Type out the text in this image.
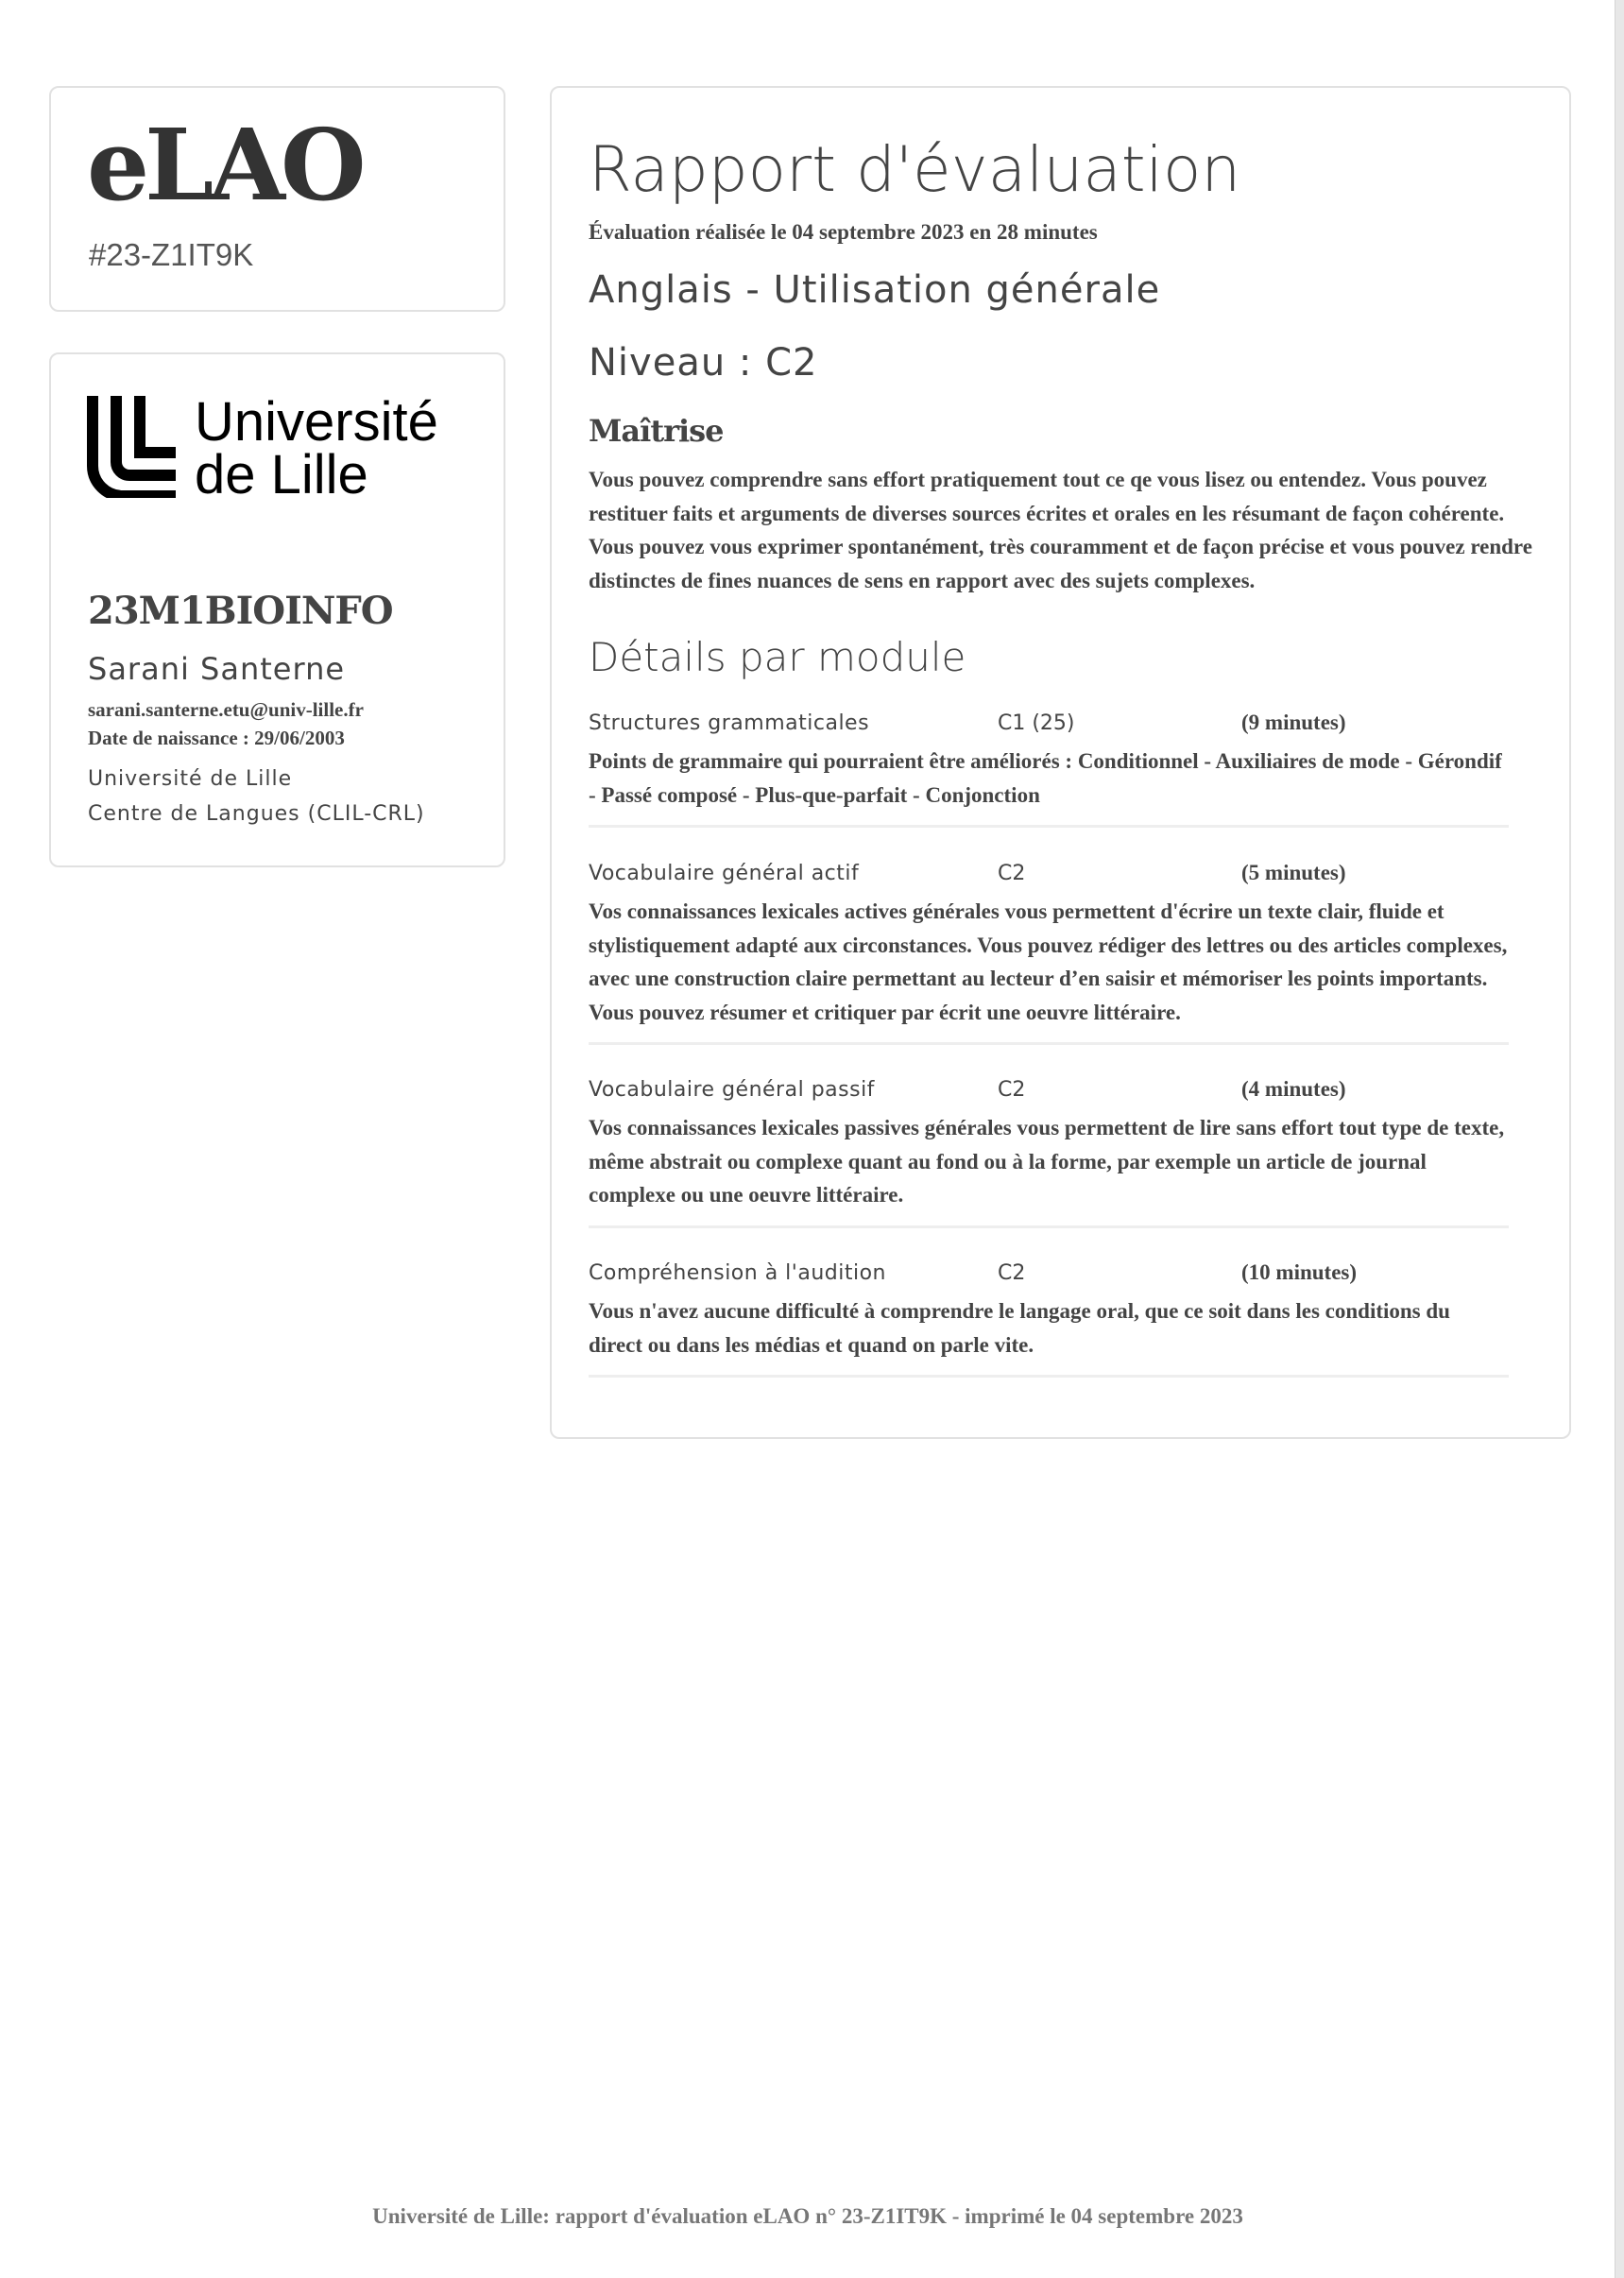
eLAO
#23-Z1IT9K
Université
de Lille
23M1BIOINFO
Sarani Santerne
sarani.santerne.etu@univ-lille.fr
Date de naissance : 29/06/2003
Université de Lille
Centre de Langues (CLIL-CRL)
Rapport d'évaluation
Évaluation réalisée le 04 septembre 2023 en 28 minutes
Anglais - Utilisation générale
Niveau : C2
Maîtrise
Vous pouvez comprendre sans effort pratiquement tout ce qe vous lisez ou entendez. Vous pouvez restituer faits et arguments de diverses sources écrites et orales en les résumant de façon cohérente. Vous pouvez vous exprimer spontanément, très couramment et de façon précise et vous pouvez rendre distinctes de fines nuances de sens en rapport avec des sujets complexes.
Détails par module
Structures grammaticales	C1 (25)	(9 minutes)
Points de grammaire qui pourraient être améliorés : Conditionnel - Auxiliaires de mode - Gérondif - Passé composé - Plus-que-parfait - Conjonction
Vocabulaire général actif	C2	(5 minutes)
Vos connaissances lexicales actives générales vous permettent d'écrire un texte clair, fluide et stylistiquement adapté aux circonstances. Vous pouvez rédiger des lettres ou des articles complexes, avec une construction claire permettant au lecteur d’en saisir et mémoriser les points importants. Vous pouvez résumer et critiquer par écrit une oeuvre littéraire.
Vocabulaire général passif	C2	(4 minutes)
Vos connaissances lexicales passives générales vous permettent de lire sans effort tout type de texte, même abstrait ou complexe quant au fond ou à la forme, par exemple un article de journal complexe ou une oeuvre littéraire.
Compréhension à l'audition	C2	(10 minutes)
Vous n'avez aucune difficulté à comprendre le langage oral, que ce soit dans les conditions du direct ou dans les médias et quand on parle vite.
Université de Lille: rapport d'évaluation eLAO n° 23-Z1IT9K - imprimé le 04 septembre 2023
